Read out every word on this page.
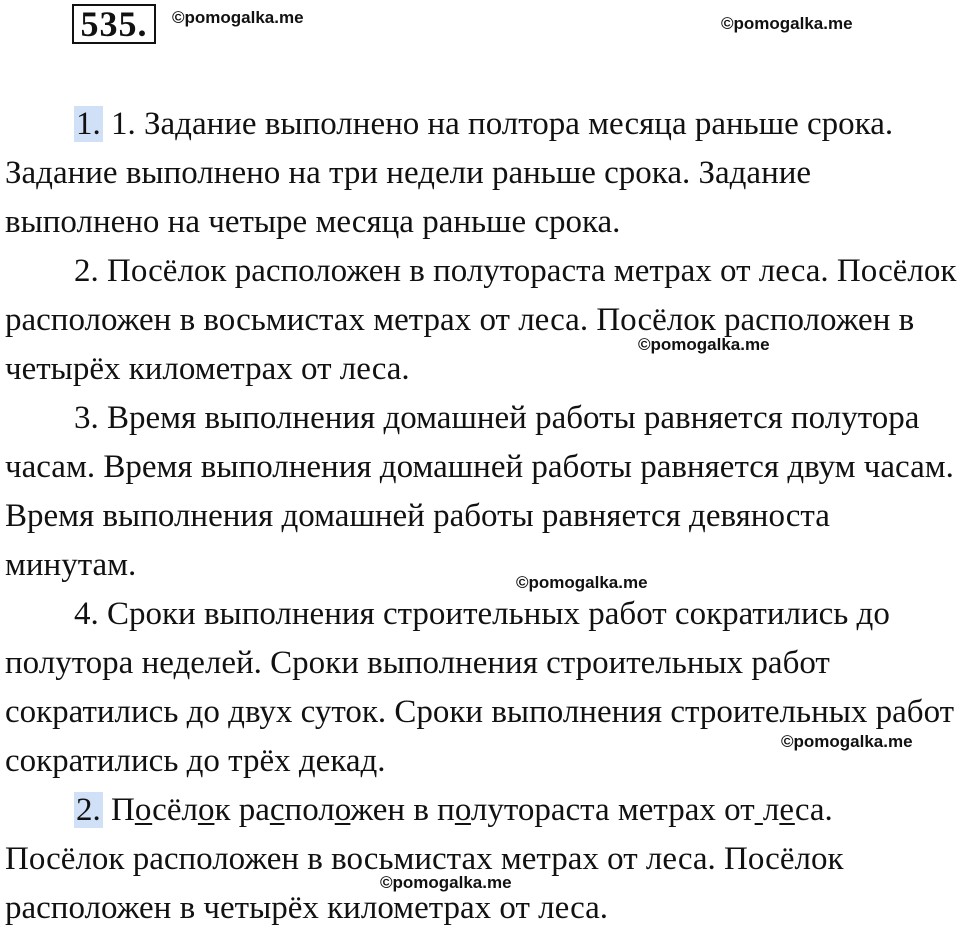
535.	©pomogalka.me	©pomogalka.me
©pomogalka.me
©pomogalka.me
©pomogalka.me
©pomogalka.me

1. 1. Задание выполнено на полтора месяца раньше срока. Задание выполнено на три недели раньше срока. Задание выполнено на четыре месяца раньше срока.

2. Посёлок расположен в полутораста метрах от леса. Посёлок расположен в восьмистах метрах от леса. Посёлок расположен в четырёх километрах от леса.

3. Время выполнения домашней работы равняется полутора часам. Время выполнения домашней работы равняется двум часам. Время выполнения домашней работы равняется девяноста минутам.

4. Сроки выполнения строительных работ сократились до полутора неделей. Сроки выполнения строительных работ сократились до двух суток. Сроки выполнения строительных работ сократились до трёх декад.

2. Посёлок расположен в полутораста метрах от леса. Посёлок расположен в восьмистах метрах от леса. Посёлок расположен в четырёх километрах от леса.
